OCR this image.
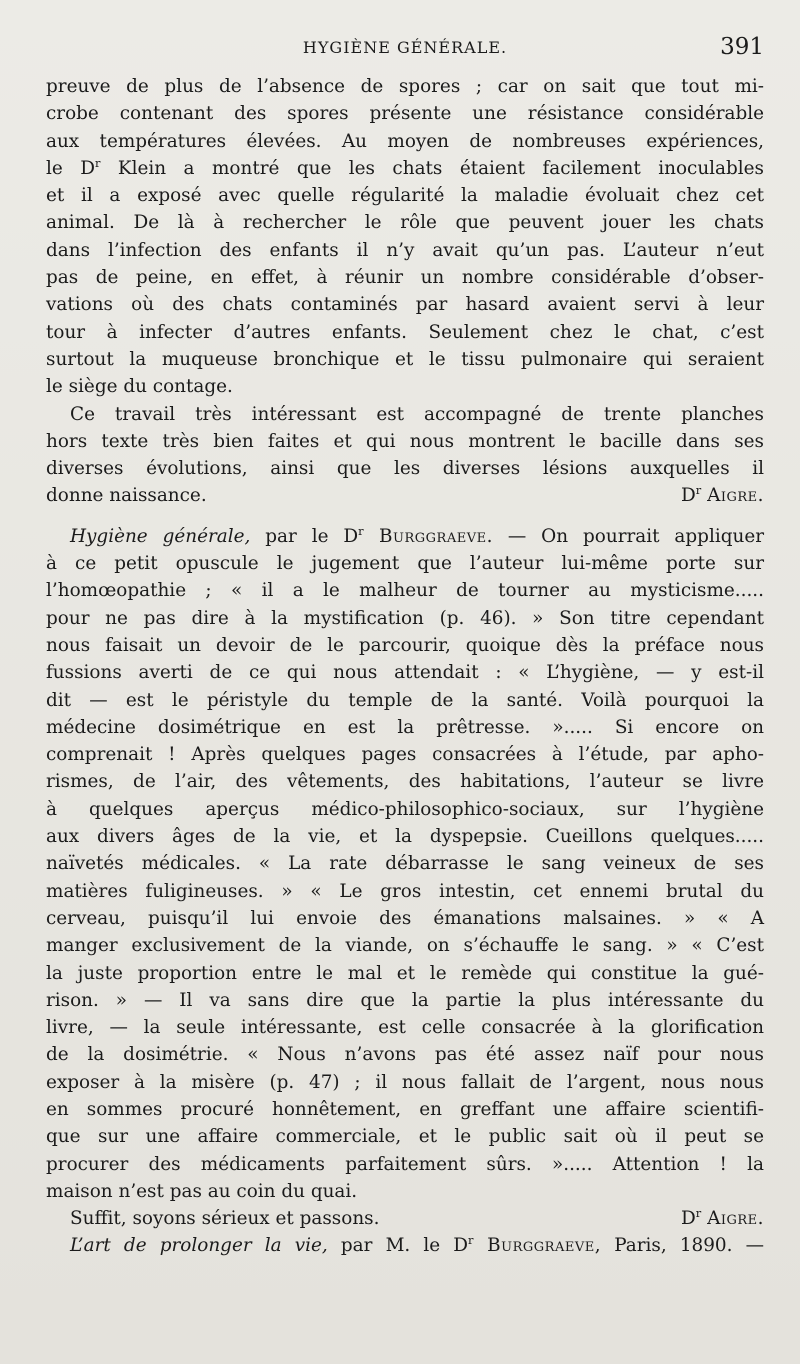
HYGIÈNE GÉNÉRALE.	391
preuve de plus de l’absence de spores ; car on sait que tout mi-
crobe contenant des spores présente une résistance considérable
aux températures élevées. Au moyen de nombreuses expériences,
le $D^r$ Klein a montré que les chats étaient facilement inoculables
et il a exposé avec quelle régularité la maladie évoluait chez cet
animal. De là à rechercher le rôle que peuvent jouer les chats
dans l’infection des enfants il n’y avait qu’un pas. L’auteur n’eut
pas de peine, en effet, à réunir un nombre considérable d’obser-
vations où des chats contaminés par hasard avaient servi à leur
tour à infecter d’autres enfants. Seulement chez le chat, c’est
surtout la muqueuse bronchique et le tissu pulmonaire qui seraient
le siège du contage.
Ce travail très intéressant est accompagné de trente planches
hors texte très bien faites et qui nous montrent le bacille dans ses
diverses évolutions, ainsi que les diverses lésions auxquelles il
donne naissance.	$D^r$ Aigre.
Hygiène générale, par le $D^r$ Burggraeve. — On pourrait appliquer
à ce petit opuscule le jugement que l’auteur lui-même porte sur
l’homœopathie ; « il a le malheur de tourner au mysticisme.....
pour ne pas dire à la mystification (p. 46). » Son titre cependant
nous faisait un devoir de le parcourir, quoique dès la préface nous
fussions averti de ce qui nous attendait : « L’hygiène, — y est-il
dit — est le péristyle du temple de la santé. Voilà pourquoi la
médecine dosimétrique en est la prêtresse. »..... Si encore on
comprenait ! Après quelques pages consacrées à l’étude, par apho-
rismes, de l’air, des vêtements, des habitations, l’auteur se livre
à quelques aperçus médico-philosophico-sociaux, sur l’hygiène
aux divers âges de la vie, et la dyspepsie. Cueillons quelques.....
naïvetés médicales. « La rate débarrasse le sang veineux de ses
matières fuligineuses. » « Le gros intestin, cet ennemi brutal du
cerveau, puisqu’il lui envoie des émanations malsaines. » « A
manger exclusivement de la viande, on s’échauffe le sang. » « C’est
la juste proportion entre le mal et le remède qui constitue la gué-
rison. » — Il va sans dire que la partie la plus intéressante du
livre, — la seule intéressante, est celle consacrée à la glorification
de la dosimétrie. « Nous n’avons pas été assez naïf pour nous
exposer à la misère (p. 47) ; il nous fallait de l’argent, nous nous
en sommes procuré honnêtement, en greffant une affaire scientifi-
que sur une affaire commerciale, et le public sait où il peut se
procurer des médicaments parfaitement sûrs. »..... Attention ! la
maison n’est pas au coin du quai.
Suffit, soyons sérieux et passons.	$D^r$ Aigre.
L’art de prolonger la vie, par M. le $D^r$ Burggraeve, Paris, 1890. —
